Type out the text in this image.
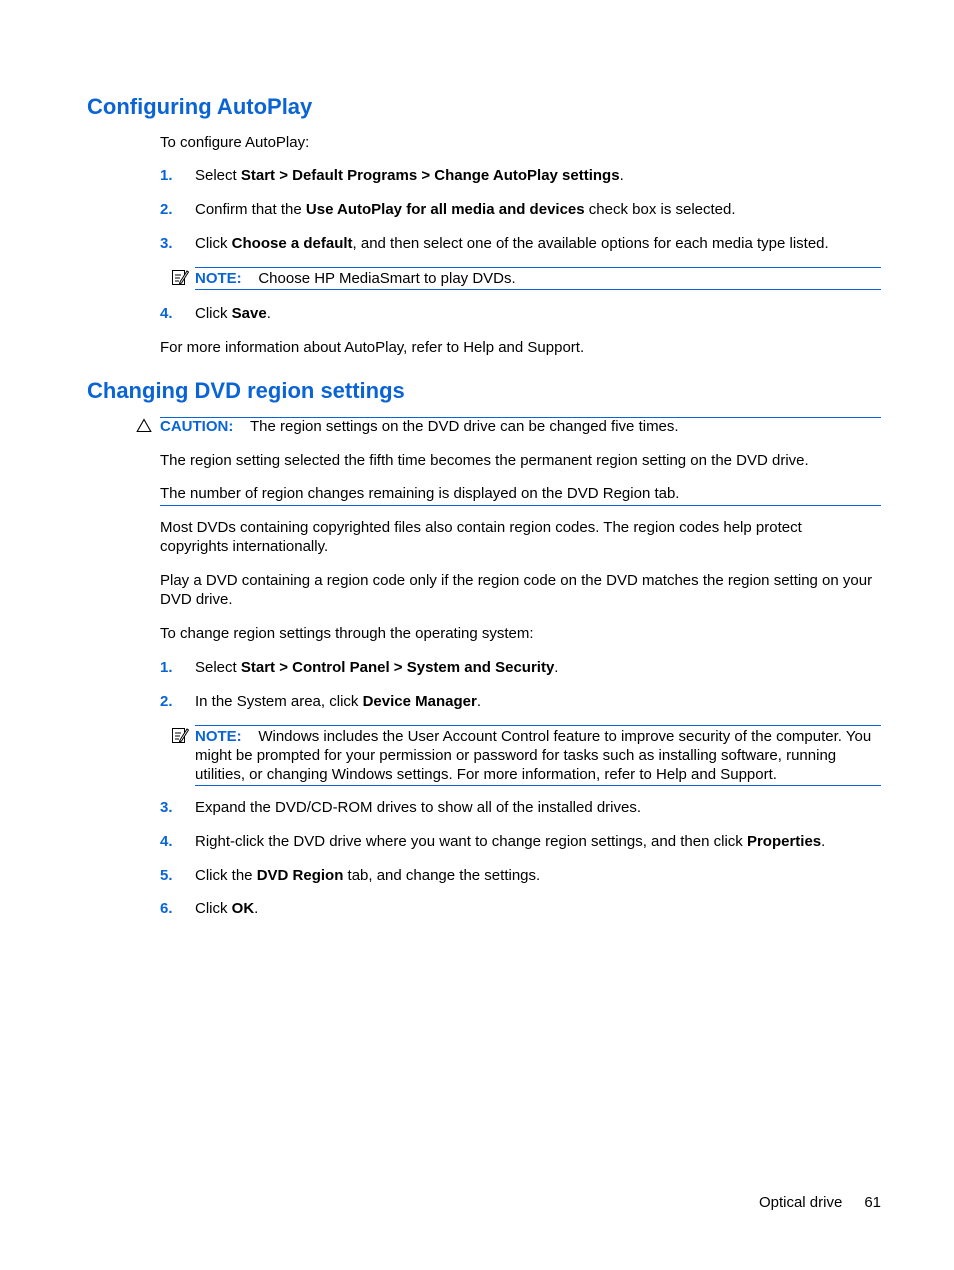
Configuring AutoPlay
To configure AutoPlay:
1. Select Start > Default Programs > Change AutoPlay settings.
2. Confirm that the Use AutoPlay for all media and devices check box is selected.
3. Click Choose a default, and then select one of the available options for each media type listed.
NOTE: Choose HP MediaSmart to play DVDs.
4. Click Save.
For more information about AutoPlay, refer to Help and Support.
Changing DVD region settings
CAUTION: The region settings on the DVD drive can be changed five times.
The region setting selected the fifth time becomes the permanent region setting on the DVD drive.
The number of region changes remaining is displayed on the DVD Region tab.
Most DVDs containing copyrighted files also contain region codes. The region codes help protect copyrights internationally.
Play a DVD containing a region code only if the region code on the DVD matches the region setting on your DVD drive.
To change region settings through the operating system:
1. Select Start > Control Panel > System and Security.
2. In the System area, click Device Manager.
NOTE: Windows includes the User Account Control feature to improve security of the computer. You might be prompted for your permission or password for tasks such as installing software, running utilities, or changing Windows settings. For more information, refer to Help and Support.
3. Expand the DVD/CD-ROM drives to show all of the installed drives.
4. Right-click the DVD drive where you want to change region settings, and then click Properties.
5. Click the DVD Region tab, and change the settings.
6. Click OK.
Optical drive 61
